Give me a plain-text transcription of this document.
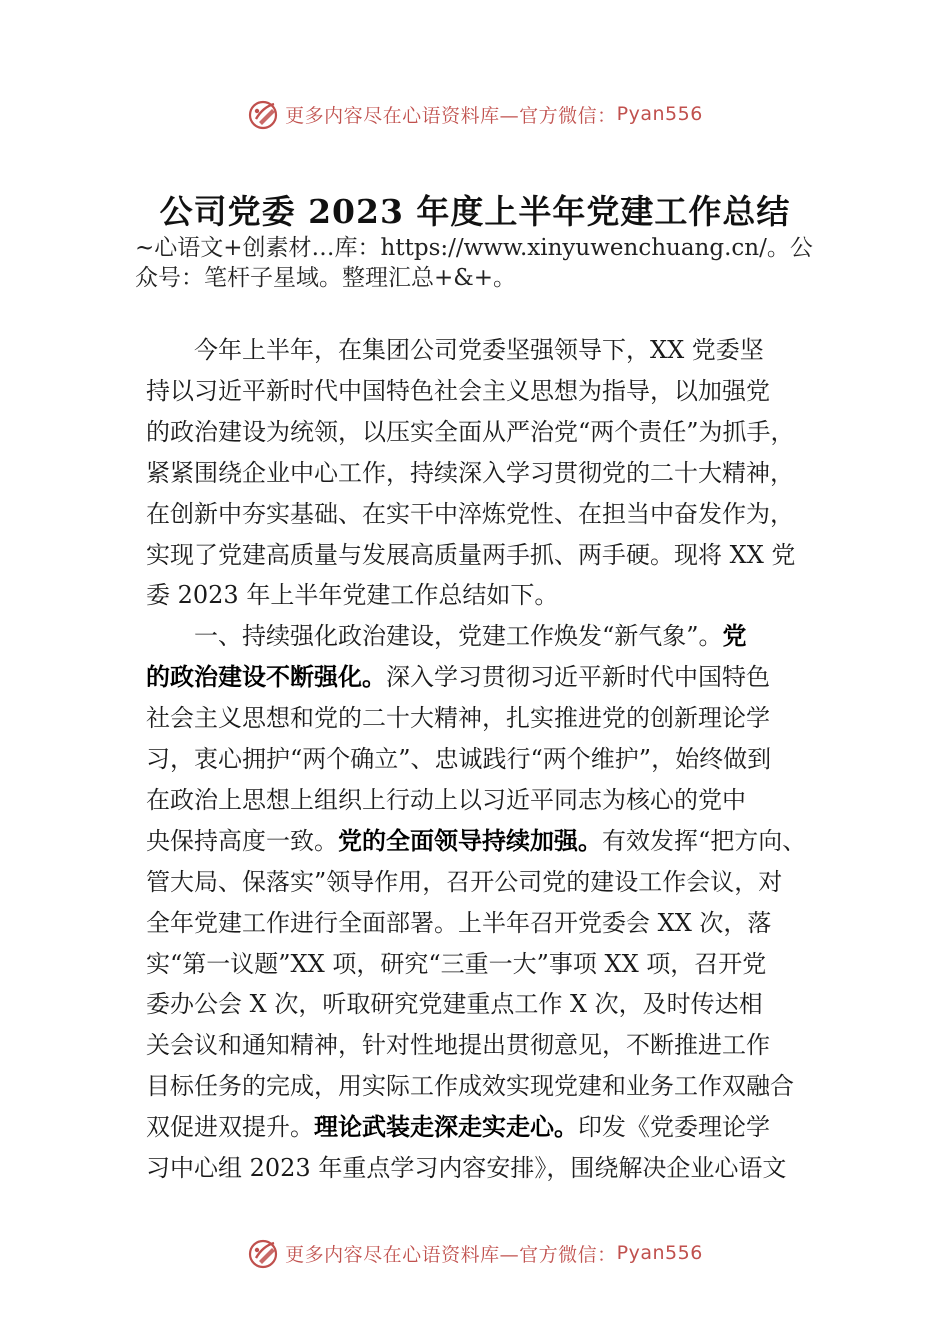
更多内容尽在心语资料库—官方微信： Pyan556
公司党委 2023 年度上半年党建工作总结
~心语文+创素材…库：https://www.xinyuwenchuang.cn/。公
众号：笔杆子星域。整理汇总+&+。
今年上半年，在集团公司党委坚强领导下，XX 党委坚
持以习近平新时代中国特色社会主义思想为指导，以加强党
的政治建设为统领，以压实全面从严治党“两个责任”为抓手，
紧紧围绕企业中心工作，持续深入学习贯彻党的二十大精神，
在创新中夯实基础、在实干中淬炼党性、在担当中奋发作为，
实现了党建高质量与发展高质量两手抓、两手硬。现将 XX 党
委 2023 年上半年党建工作总结如下。
一、持续强化政治建设，党建工作焕发“新气象”。党
的政治建设不断强化。深入学习贯彻习近平新时代中国特色
社会主义思想和党的二十大精神，扎实推进党的创新理论学
习，衷心拥护“两个确立”、忠诚践行“两个维护”，始终做到
在政治上思想上组织上行动上以习近平同志为核心的党中
央保持高度一致。党的全面领导持续加强。有效发挥“把方向、
管大局、保落实”领导作用，召开公司党的建设工作会议，对
全年党建工作进行全面部署。上半年召开党委会 XX 次，落
实“第一议题”XX 项，研究“三重一大”事项 XX 项，召开党
委办公会 X 次，听取研究党建重点工作 X 次，及时传达相
关会议和通知精神，针对性地提出贯彻意见，不断推进工作
目标任务的完成，用实际工作成效实现党建和业务工作双融合
双促进双提升。理论武装走深走实走心。印发《党委理论学
习中心组 2023 年重点学习内容安排》，围绕解决企业心语文
更多内容尽在心语资料库—官方微信： Pyan556
